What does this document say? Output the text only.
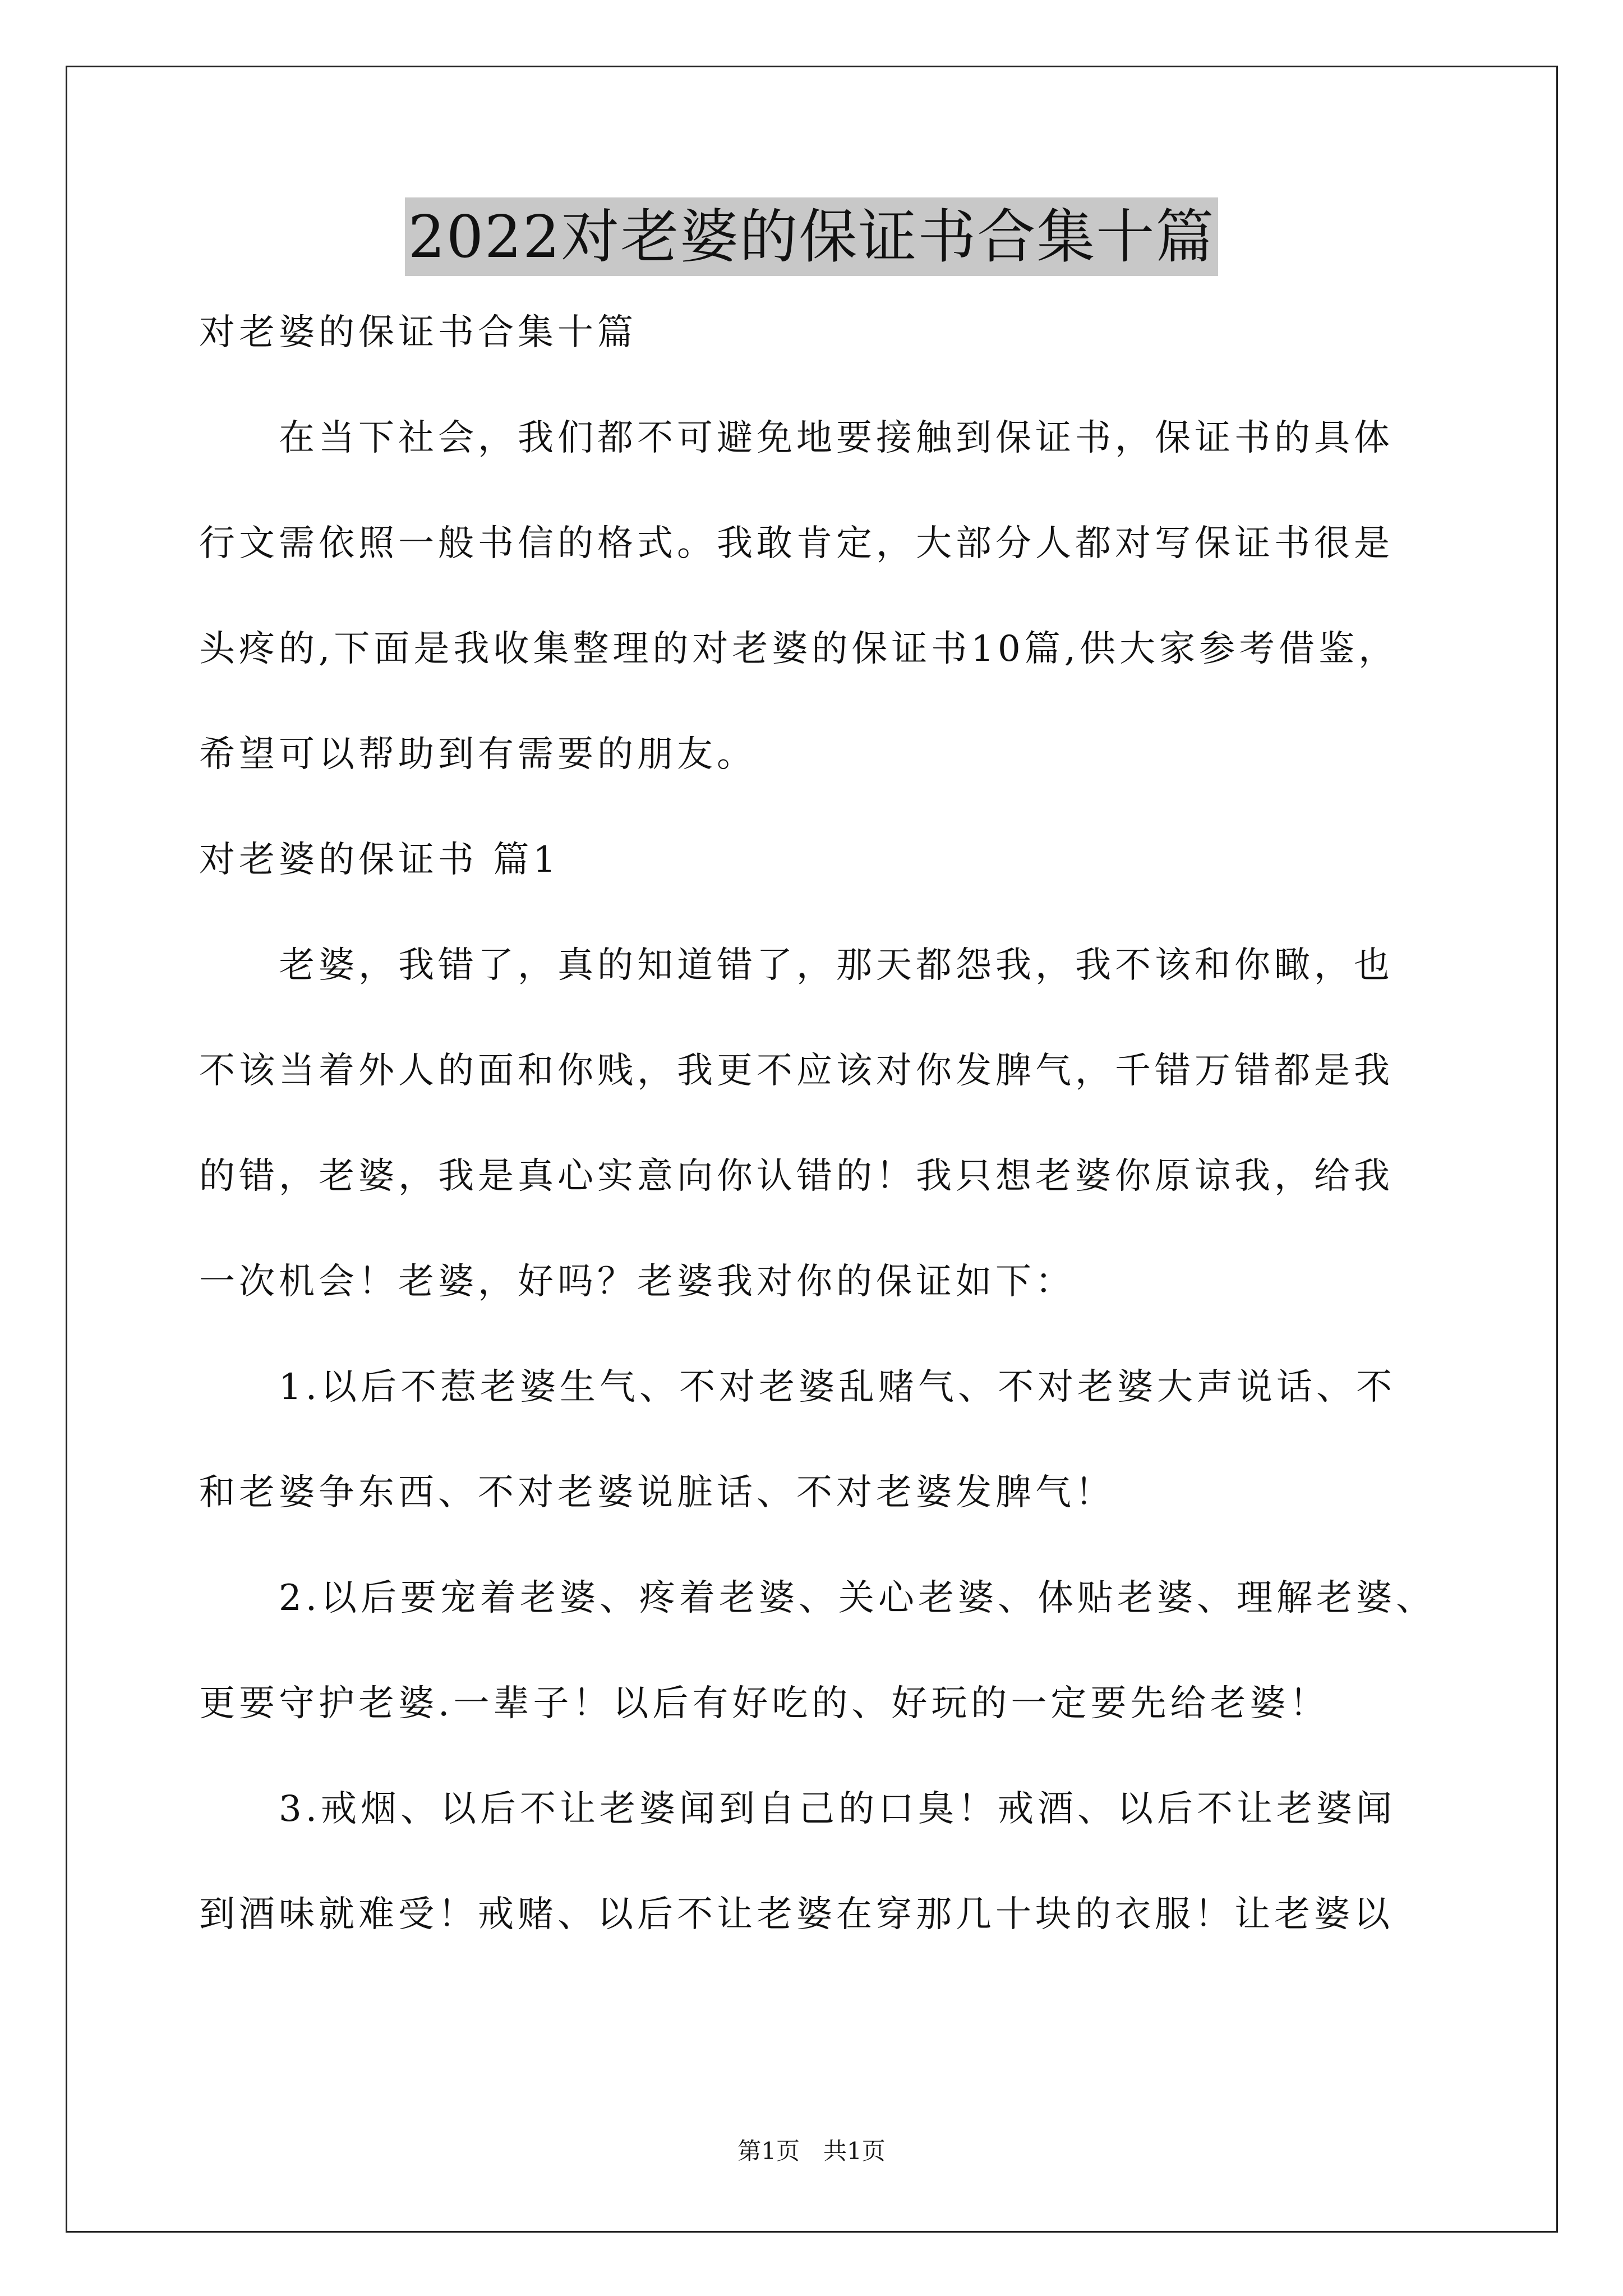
2022对老婆的保证书合集十篇
对老婆的保证书合集十篇
　　在当下社会，我们都不可避免地要接触到保证书，保证书的具体
行文需依照一般书信的格式。我敢肯定，大部分人都对写保证书很是
头疼的,下面是我收集整理的对老婆的保证书10篇,供大家参考借鉴，
希望可以帮助到有需要的朋友。
对老婆的保证书 篇1
　　老婆，我错了，真的知道错了，那天都怨我，我不该和你瞰，也
不该当着外人的面和你贱，我更不应该对你发脾气，千错万错都是我
的错，老婆，我是真心实意向你认错的！我只想老婆你原谅我，给我
一次机会！老婆，好吗？老婆我对你的保证如下：
　　1.以后不惹老婆生气、不对老婆乱赌气、不对老婆大声说话、不
和老婆争东西、不对老婆说脏话、不对老婆发脾气！
　　2.以后要宠着老婆、疼着老婆、关心老婆、体贴老婆、理解老婆、
更要守护老婆.一辈子！以后有好吃的、好玩的一定要先给老婆！
　　3.戒烟、以后不让老婆闻到自己的口臭！戒酒、以后不让老婆闻
到酒味就难受！戒赌、以后不让老婆在穿那几十块的衣服！让老婆以
第1页　共1页
